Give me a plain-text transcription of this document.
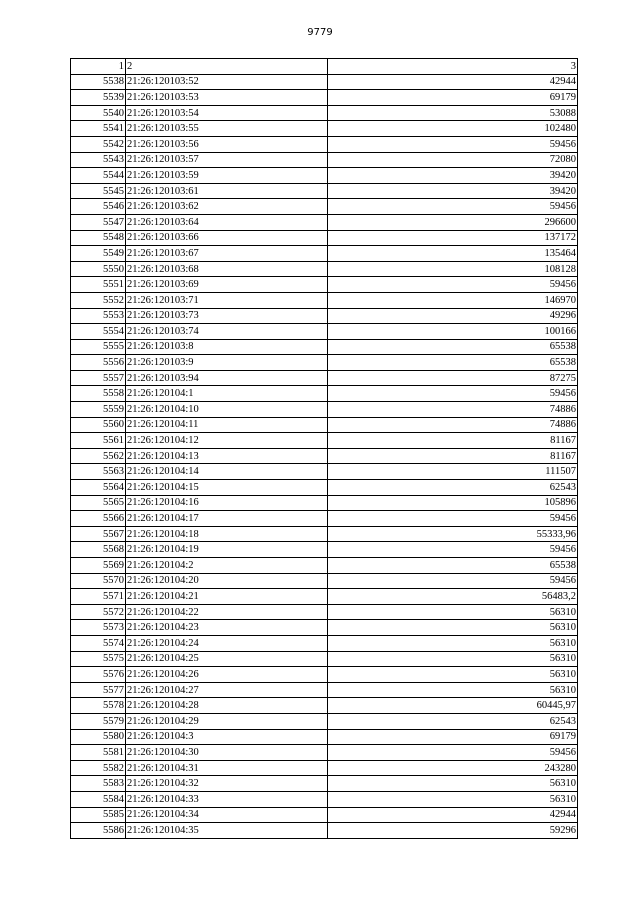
9779
1	2	3
5538	21:26:120103:52	42944
5539	21:26:120103:53	69179
5540	21:26:120103:54	53088
5541	21:26:120103:55	102480
5542	21:26:120103:56	59456
5543	21:26:120103:57	72080
5544	21:26:120103:59	39420
5545	21:26:120103:61	39420
5546	21:26:120103:62	59456
5547	21:26:120103:64	296600
5548	21:26:120103:66	137172
5549	21:26:120103:67	135464
5550	21:26:120103:68	108128
5551	21:26:120103:69	59456
5552	21:26:120103:71	146970
5553	21:26:120103:73	49296
5554	21:26:120103:74	100166
5555	21:26:120103:8	65538
5556	21:26:120103:9	65538
5557	21:26:120103:94	87275
5558	21:26:120104:1	59456
5559	21:26:120104:10	74886
5560	21:26:120104:11	74886
5561	21:26:120104:12	81167
5562	21:26:120104:13	81167
5563	21:26:120104:14	111507
5564	21:26:120104:15	62543
5565	21:26:120104:16	105896
5566	21:26:120104:17	59456
5567	21:26:120104:18	55333,96
5568	21:26:120104:19	59456
5569	21:26:120104:2	65538
5570	21:26:120104:20	59456
5571	21:26:120104:21	56483,2
5572	21:26:120104:22	56310
5573	21:26:120104:23	56310
5574	21:26:120104:24	56310
5575	21:26:120104:25	56310
5576	21:26:120104:26	56310
5577	21:26:120104:27	56310
5578	21:26:120104:28	60445,97
5579	21:26:120104:29	62543
5580	21:26:120104:3	69179
5581	21:26:120104:30	59456
5582	21:26:120104:31	243280
5583	21:26:120104:32	56310
5584	21:26:120104:33	56310
5585	21:26:120104:34	42944
5586	21:26:120104:35	59296
